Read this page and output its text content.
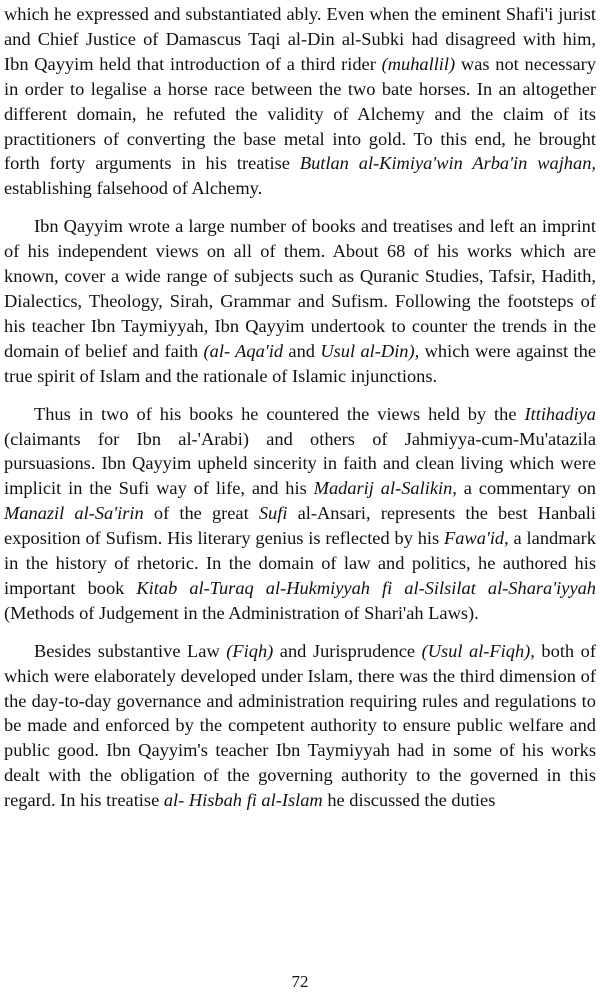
which he expressed and substantiated ably. Even when the eminent Shafi'i jurist and Chief Justice of Damascus Taqi al-Din al-Subki had disagreed with him, Ibn Qayyim held that introduction of a third rider (muhallil) was not necessary in order to legalise a horse race between the two bate horses. In an altogether different domain, he refuted the validity of Alchemy and the claim of its practitioners of converting the base metal into gold. To this end, he brought forth forty arguments in his treatise Butlan al-Kimiya'win Arba'in wajhan, establishing falsehood of Alchemy.

Ibn Qayyim wrote a large number of books and treatises and left an imprint of his independent views on all of them. About 68 of his works which are known, cover a wide range of subjects such as Quranic Studies, Tafsir, Hadith, Dialectics, Theology, Sirah, Grammar and Sufism. Following the footsteps of his teacher Ibn Taymiyyah, Ibn Qayyim undertook to counter the trends in the domain of belief and faith (al- Aqa'id and Usul al-Din), which were against the true spirit of Islam and the rationale of Islamic injunctions.

Thus in two of his books he countered the views held by the Ittihadiya (claimants for Ibn al-'Arabi) and others of Jahmiyya-cum-Mu'atazila pursuasions. Ibn Qayyim upheld sincerity in faith and clean living which were implicit in the Sufi way of life, and his Madarij al-Salikin, a commentary on Manazil al-Sa'irin of the great Sufi al-Ansari, represents the best Hanbali exposition of Sufism. His literary genius is reflected by his Fawa'id, a landmark in the history of rhetoric. In the domain of law and politics, he authored his important book Kitab al-Turaq al-Hukmiyyah fi al-Silsilat al-Shara'iyyah (Methods of Judgement in the Administration of Shari'ah Laws).

Besides substantive Law (Fiqh) and Jurisprudence (Usul al-Fiqh), both of which were elaborately developed under Islam, there was the third dimension of the day-to-day governance and administration requiring rules and regulations to be made and enforced by the competent authority to ensure public welfare and public good. Ibn Qayyim's teacher Ibn Taymiyyah had in some of his works dealt with the obligation of the governing authority to the governed in this regard. In his treatise al- Hisbah fi al-Islam he discussed the duties

72
